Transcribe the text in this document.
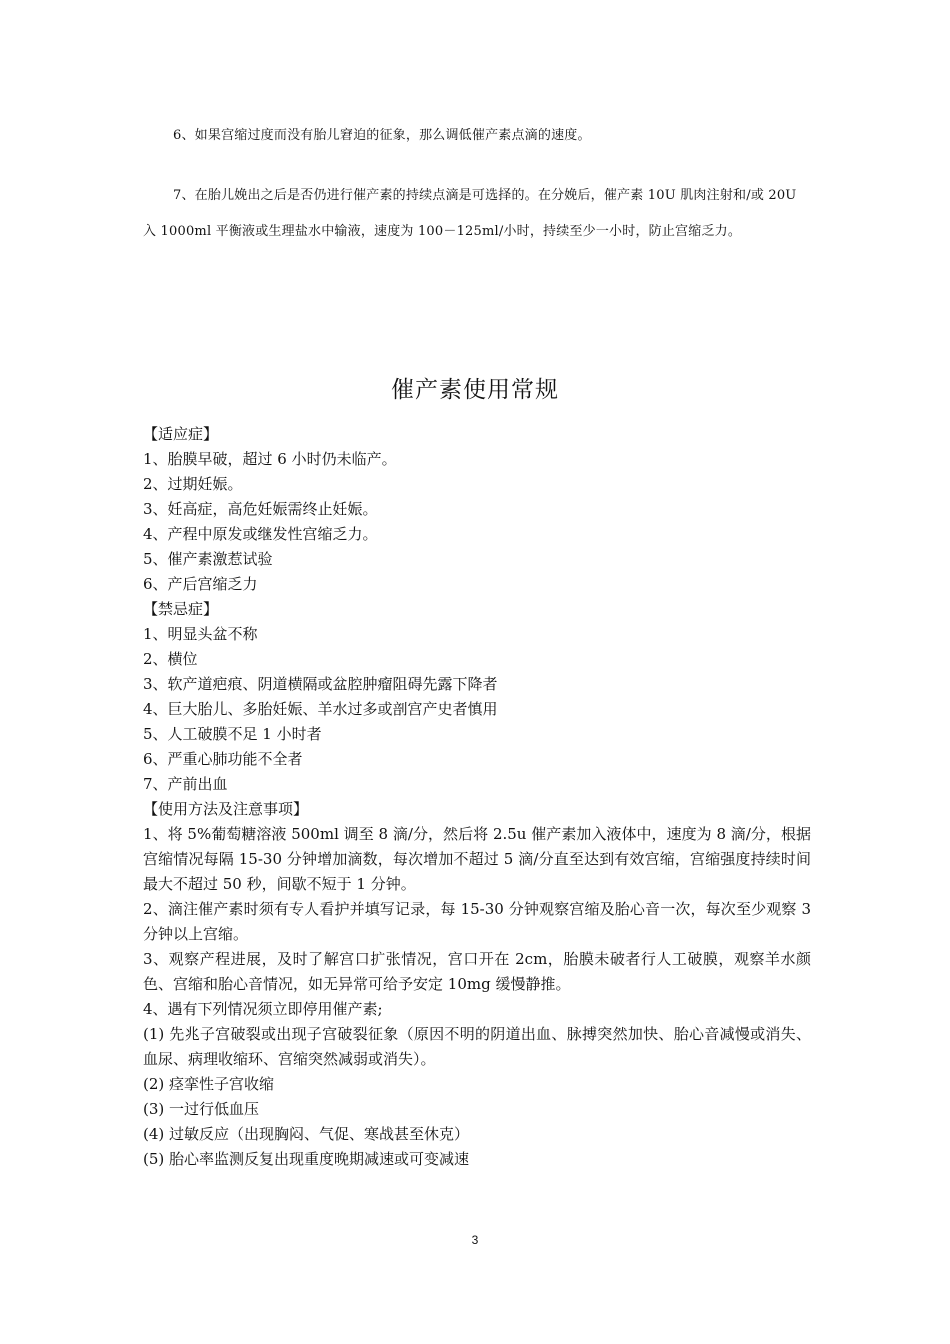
6、如果宫缩过度而没有胎儿窘迫的征象，那么调低催产素点滴的速度。
7、在胎儿娩出之后是否仍进行催产素的持续点滴是可选择的。在分娩后，催产素 10U 肌肉注射和/或 20U 入 1000ml 平衡液或生理盐水中输液，速度为 100－125ml/小时，持续至少一小时，防止宫缩乏力。
催产素使用常规
【适应症】
1、胎膜早破，超过 6 小时仍未临产。
2、过期妊娠。
3、妊高症，高危妊娠需终止妊娠。
4、产程中原发或继发性宫缩乏力。
5、催产素激惹试验
6、产后宫缩乏力
【禁忌症】
1、明显头盆不称
2、横位
3、软产道疤痕、阴道横隔或盆腔肿瘤阻碍先露下降者
4、巨大胎儿、多胎妊娠、羊水过多或剖宫产史者慎用
5、人工破膜不足 1 小时者
6、严重心肺功能不全者
7、产前出血
【使用方法及注意事项】
1、将 5%葡萄糖溶液 500ml 调至 8 滴/分，然后将 2.5u 催产素加入液体中，速度为 8 滴/分，根据宫缩情况每隔 15-30 分钟增加滴数，每次增加不超过 5 滴/分直至达到有效宫缩，宫缩强度持续时间最大不超过 50 秒，间歇不短于 1 分钟。
2、滴注催产素时须有专人看护并填写记录，每 15-30 分钟观察宫缩及胎心音一次，每次至少观察 3 分钟以上宫缩。
3、观察产程进展，及时了解宫口扩张情况，宫口开在 2cm，胎膜未破者行人工破膜，观察羊水颜色、宫缩和胎心音情况，如无异常可给予安定 10mg 缓慢静推。
4、遇有下列情况须立即停用催产素;
(1) 先兆子宫破裂或出现子宫破裂征象（原因不明的阴道出血、脉搏突然加快、胎心音减慢或消失、血尿、病理收缩环、宫缩突然减弱或消失）。
(2) 痉挛性子宫收缩
(3) 一过行低血压
(4) 过敏反应（出现胸闷、气促、寒战甚至休克）
(5) 胎心率监测反复出现重度晚期减速或可变减速
3
